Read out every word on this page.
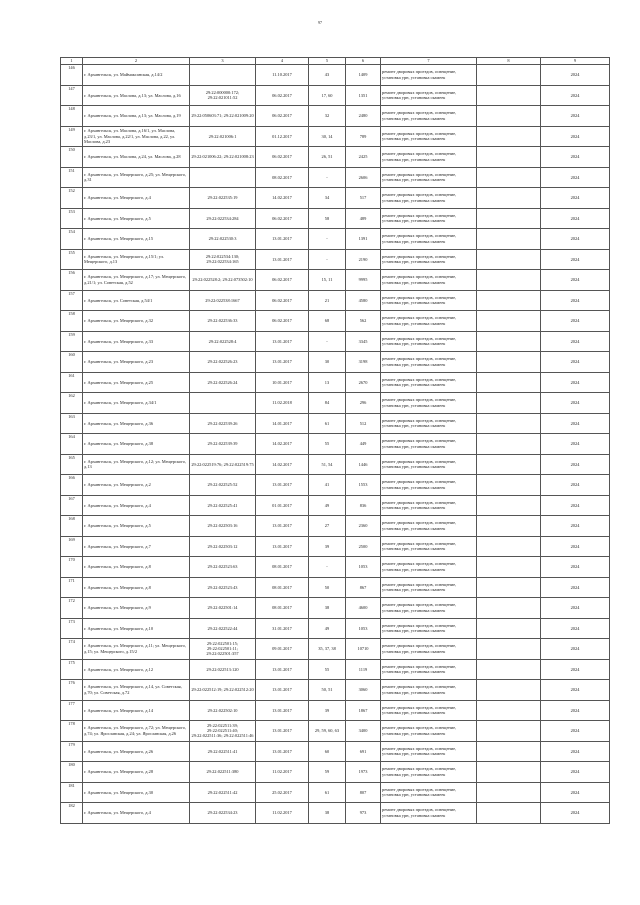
97
1	2	3	4	5	6	7	8	9
146	г. Архангельск, ул. Маймаксанская, д.14/2		11.10.2017	43	1409	ремонт дворовых проездов, освещение, установка урн, установка скамеек		2024
147	г. Архангельск, ул. Маслова, д.13; ул. Маслова, д.16	29:22:000000:172; 29:22:021011:52	06.02.2017	17, 60	1351	ремонт дворовых проездов, освещение, установка урн, установка скамеек		2024
148	г. Архангельск, ул. Маслова, д.13; ул. Маслова, д.19	29:22:050603:71; 29:22:021009:20	06.02.2017	32	2480	ремонт дворовых проездов, освещение, установка урн, установка скамеек		2024
149	г. Архангельск, ул. Маслова, д.16/1, ул. Маслова, д.23/1, ул. Маслова, д.22/1, ул. Маслова, д.22, ул. Маслова, д.23	29:22:021006:1	01.12.2017	30, 14	789	ремонт дворовых проездов, освещение, установка урн, установка скамеек		2024
150	г. Архангельск, ул. Маслова, д.24, ул. Маслова, д.28	29:22:021006:22; 29:22:021008:23	06.02.2017	26, 51	2425	ремонт дворовых проездов, освещение, установка урн, установка скамеек		2024
151	г. Архангельск, ул. Мещерского, д.25; ул. Мещерского, д.31		08.02.2017	-	2606	ремонт дворовых проездов, освещение, установка урн, установка скамеек		2024
152	г. Архангельск, ул. Мещерского, д.4	29:22:022535:19	14.02.2017	34	517	ремонт дворовых проездов, освещение, установка урн, установка скамеек		2024
153	г. Архангельск, ул. Мещерского, д.5	29:22:022534:284	06.02.2017	58	489	ремонт дворовых проездов, освещение, установка урн, установка скамеек		2024
154	г. Архангельск, ул. Мещерского, д.15	29:22:022530:3	13.01.2017	-	1391	ремонт дворовых проездов, освещение, установка урн, установка скамеек		2024
155	г. Архангельск, ул. Мещерского, д.15/1; ул. Мещерского, д.13	29:22:022534:130; 29:22:022534:165	13.01.2017	-	2190	ремонт дворовых проездов, освещение, установка урн, установка скамеек		2024
156	г. Архангельск, ул. Мещерского, д.17; ул. Мещерского, д.21/1; ул. Советская, д.52	29:22:022528:2; 29:22:073502:10	06.02.2017	15, 11	9995	ремонт дворовых проездов, освещение, установка урн, установка скамеек		2024
157	г. Архангельск, ул. Советская, д.54/1	29:22:022538:1667	06.02.2017	21	4580	ремонт дворовых проездов, освещение, установка урн, установка скамеек		2024
158	г. Архангельск, ул. Мещерского, д.32	29:22:022536:33	06.02.2017	68	562	ремонт дворовых проездов, освещение, установка урн, установка скамеек		2024
159	г. Архангельск, ул. Мещерского, д.33	29:22:022528:4	13.01.2017	-	3345	ремонт дворовых проездов, освещение, установка урн, установка скамеек		2024
160	г. Архангельск, ул. Мещерского, д.23	29:22:022526:23	13.01.2017	30	3198	ремонт дворовых проездов, освещение, установка урн, установка скамеек		2024
161	г. Архангельск, ул. Мещерского, д.25	29:22:022526:24	10.01.2017	13	2670	ремонт дворовых проездов, освещение, установка урн, установка скамеек		2024
162	г. Архангельск, ул. Мещерского, д.34/1		11.02.2018	84	296	ремонт дворовых проездов, освещение, установка урн, установка скамеек		2024
163	г. Архангельск, ул. Мещерского, д.36	29:22:022539:26	14.01.2017	61	512	ремонт дворовых проездов, освещение, установка урн, установка скамеек		2024
164	г. Архангельск, ул. Мещерского, д.38	29:22:022539:39	14.02.2017	55	449	ремонт дворовых проездов, освещение, установка урн, установка скамеек		2024
165	г. Архангельск, ул. Мещерского, д.12; ул. Мещерского, д.13	29:22:022519:76; 29:22:022519:75	14.02.2017	51, 54	1446	ремонт дворовых проездов, освещение, установка урн, установка скамеек		2024
166	г. Архангельск, ул. Мещерского, д.2	29:22:022525:52	13.01.2017	41	1553	ремонт дворовых проездов, освещение, установка урн, установка скамеек		2024
167	г. Архангельск, ул. Мещерского, д.4	29:22:022525:41	01.01.2017	49	836	ремонт дворовых проездов, освещение, установка урн, установка скамеек		2024
168	г. Архангельск, ул. Мещерского, д.5	29:22:022503:16	13.01.2017	27	2360	ремонт дворовых проездов, освещение, установка урн, установка скамеек		2024
169	г. Архангельск, ул. Мещерского, д.7	29:22:022503:12	13.01.2017	39	2500	ремонт дворовых проездов, освещение, установка урн, установка скамеек		2024
170	г. Архангельск, ул. Мещерского, д.8	29:22:022523:63	08.01.2017	-	1053	ремонт дворовых проездов, освещение, установка урн, установка скамеек		2024
171	г. Архангельск, ул. Мещерского, д.8	29:22:022523:43	08.01.2017	50	867	ремонт дворовых проездов, освещение, установка урн, установка скамеек		2024
172	г. Архангельск, ул. Мещерского, д.9	29:22:022501:14	08.01.2017	38	4600	ремонт дворовых проездов, освещение, установка урн, установка скамеек		2024
173	г. Архангельск, ул. Мещерского, д.10	29:22:022522:44	31.01.2017	49	1053	ремонт дворовых проездов, освещение, установка урн, установка скамеек		2024
174	г. Архангельск, ул. Мещерского, д.11; ул. Мещерского, д.15; ул. Мещерского, д.15/2	29:22:022501:15; 29:22:022501:11; 29:22:022501:357	09.01.2017	35, 37, 38	10710	ремонт дворовых проездов, освещение, установка урн, установка скамеек		2024
175	г. Архангельск, ул. Мещерского, д.12	29:22:022513:120	13.01.2017	55	1119	ремонт дворовых проездов, освещение, установка урн, установка скамеек		2024
176	г. Архангельск, ул. Мещерского, д.14, ул. Советская, д.70; ул. Советская, д.72	29:22:022512:19; 29:22:022512:20	13.01.2017	50, 51	3060	ремонт дворовых проездов, освещение, установка урн, установка скамеек		2024
177	г. Архангельск, ул. Мещерского, д.14	29:22:022502:10	13.01.2017	39	1867	ремонт дворовых проездов, освещение, установка урн, установка скамеек		2024
178	г. Архангельск, ул. Мещерского, д.72; ул. Мещерского, д.74; ул. Ярославская, д.24; ул. Ярославская, д.26	29:22:022511:39; 29:22:022511:40; 29:22:022511:36; 29:22:022511:46	13.01.2017	29, 59, 60, 63	3400	ремонт дворовых проездов, освещение, установка урн, установка скамеек		2024
179	г. Архангельск, ул. Мещерского, д.26	29:22:022511:41	13.01.2017	60	691	ремонт дворовых проездов, освещение, установка урн, установка скамеек		2024
180	г. Архангельск, ул. Мещерского, д.28	29:22:022511:380	11.02.2017	59	1973	ремонт дворовых проездов, освещение, установка урн, установка скамеек		2024
181	г. Архангельск, ул. Мещерского, д.30	29:22:022511:42	25.02.2017	61	807	ремонт дворовых проездов, освещение, установка урн, установка скамеек		2024
182	г. Архангельск, ул. Мещерского, д.4	29:22:022534:23	11.02.2017	38	973	ремонт дворовых проездов, освещение, установка урн, установка скамеек		2024
